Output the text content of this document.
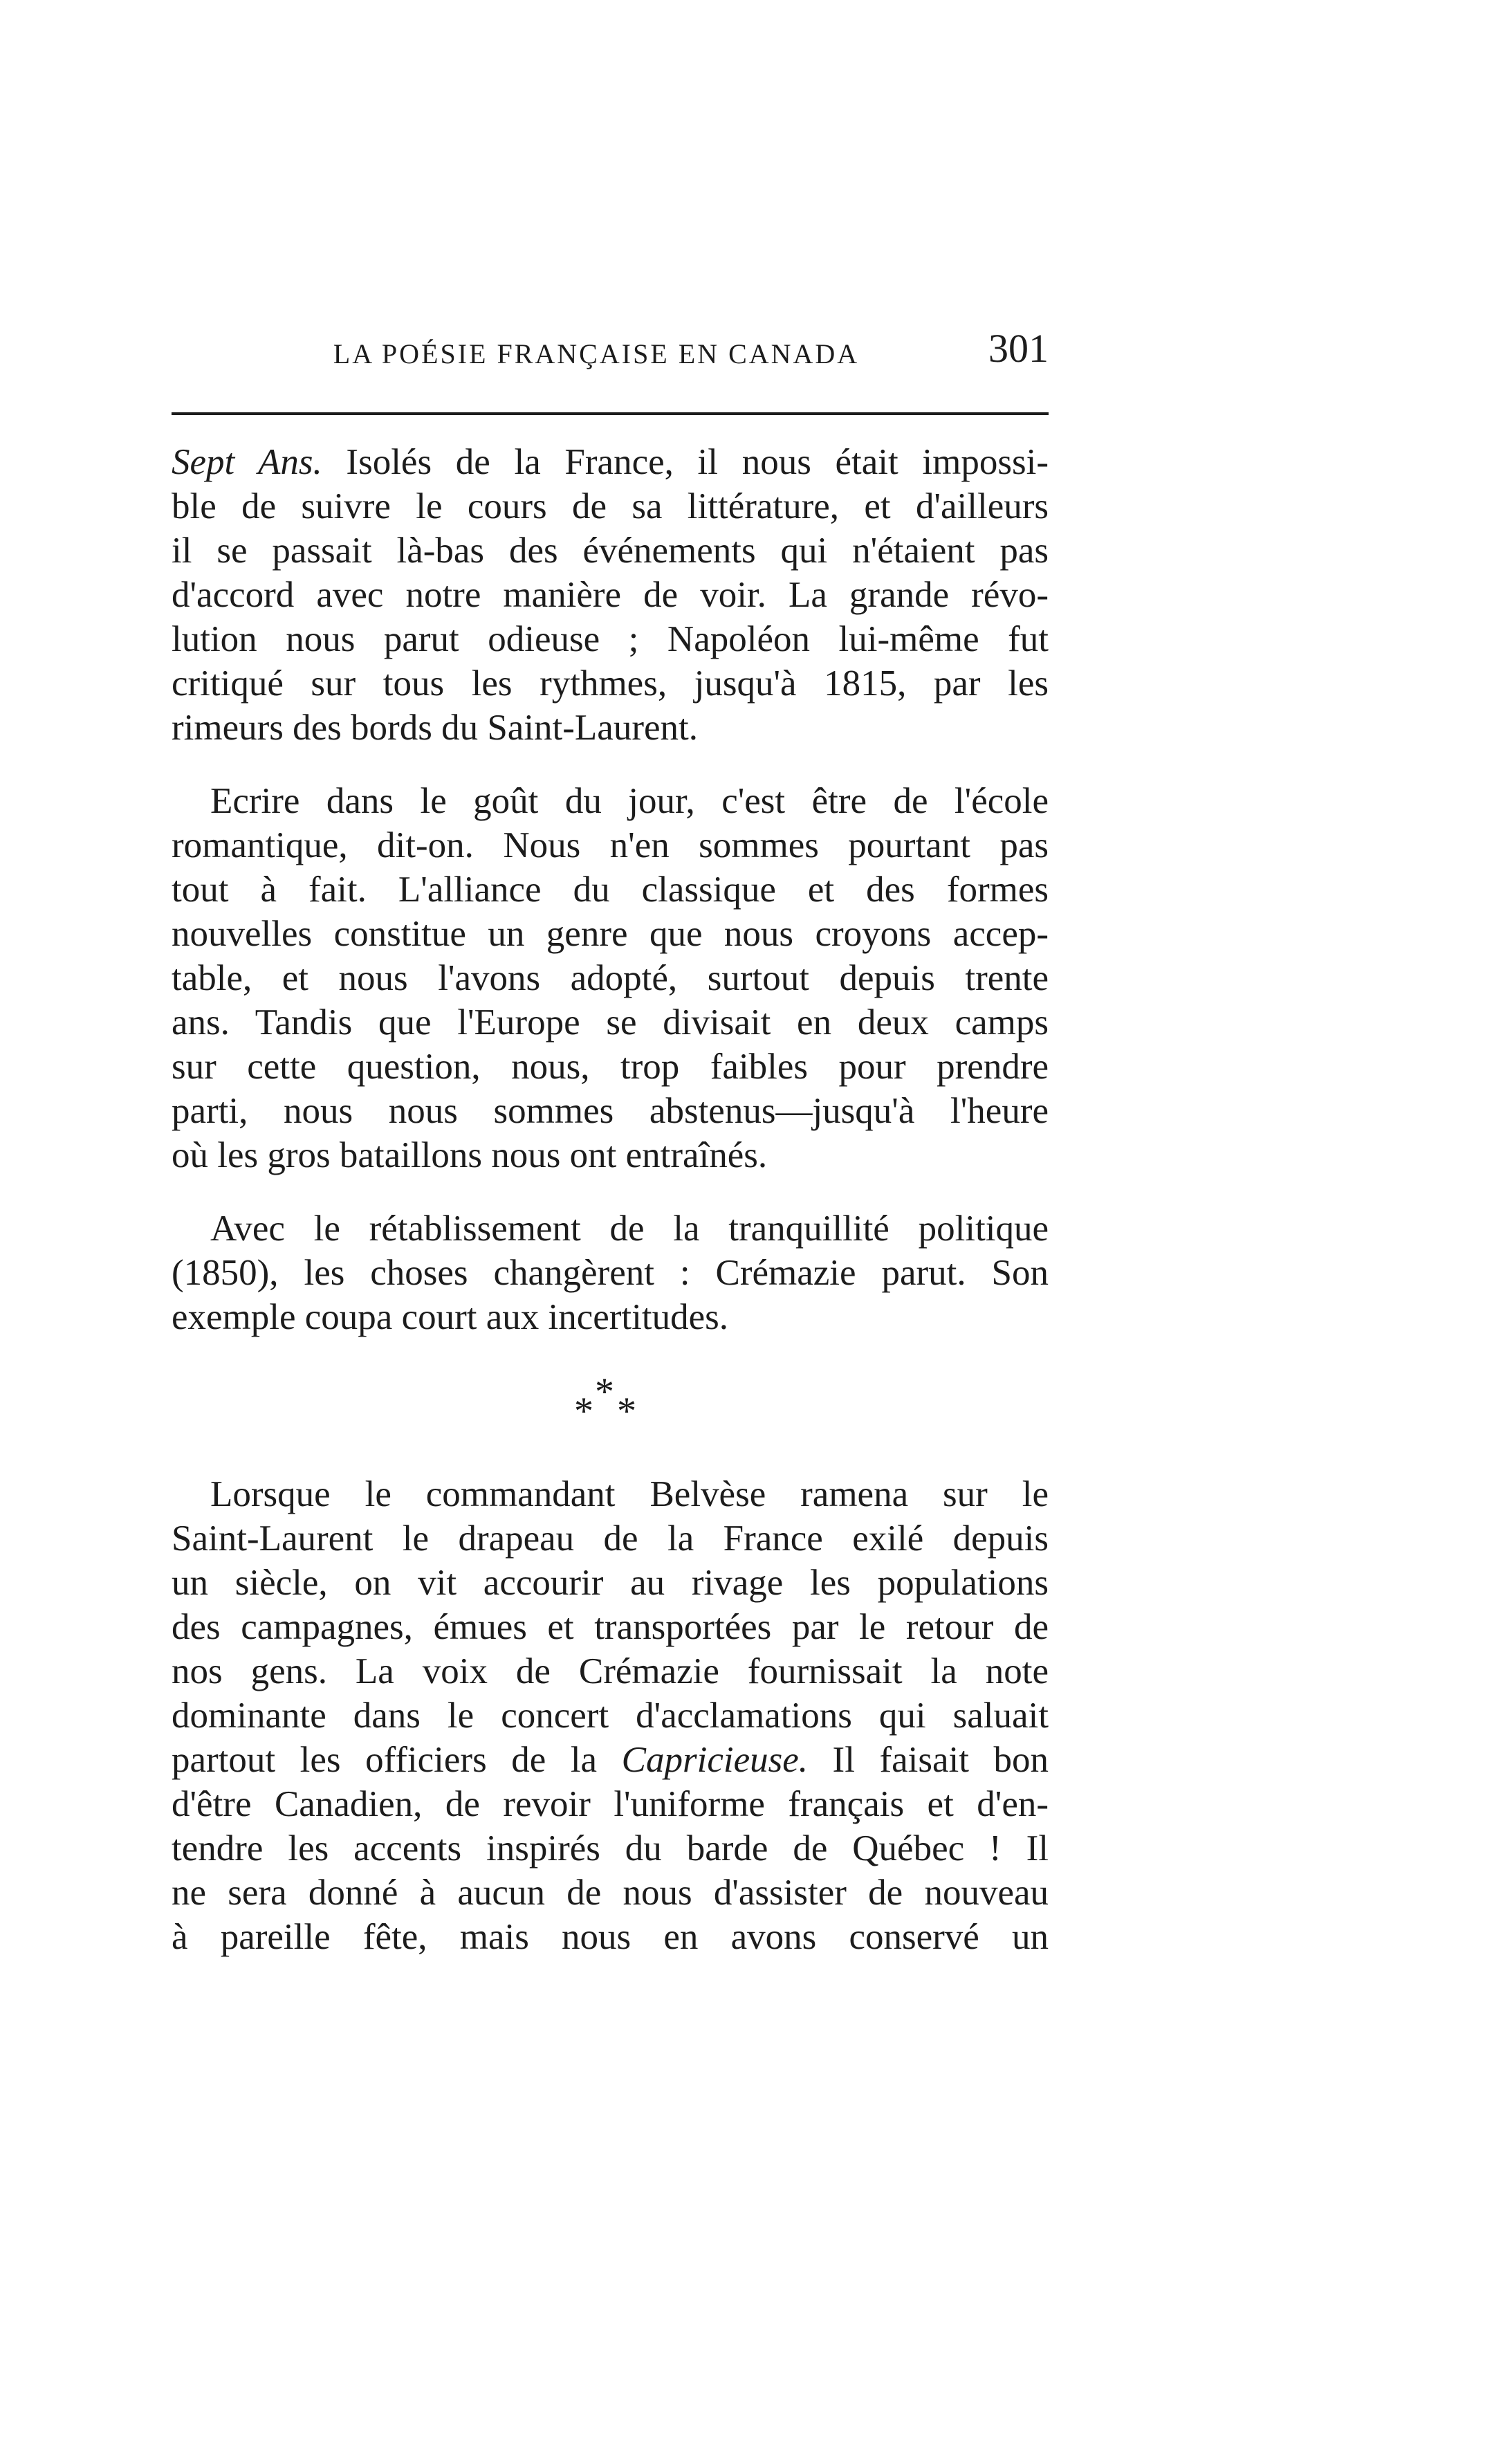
LA POÉSIE FRANÇAISE EN CANADA	301

Sept Ans. Isolés de la France, il nous était impossi-
ble de suivre le cours de sa littérature, et d'ailleurs
il se passait là-bas des événements qui n'étaient pas
d'accord avec notre manière de voir. La grande révo-
lution nous parut odieuse ; Napoléon lui-même fut
critiqué sur tous les rythmes, jusqu'à 1815, par les
rimeurs des bords du Saint-Laurent.

Ecrire dans le goût du jour, c'est être de l'école
romantique, dit-on. Nous n'en sommes pourtant pas
tout à fait. L'alliance du classique et des formes
nouvelles constitue un genre que nous croyons accep-
table, et nous l'avons adopté, surtout depuis trente
ans. Tandis que l'Europe se divisait en deux camps
sur cette question, nous, trop faibles pour prendre
parti, nous nous sommes abstenus—jusqu'à l'heure
où les gros bataillons nous ont entraînés.

Avec le rétablissement de la tranquillité politique
(1850), les choses changèrent : Crémazie parut. Son
exemple coupa court aux incertitudes.

*
* *

Lorsque le commandant Belvèse ramena sur le
Saint-Laurent le drapeau de la France exilé depuis
un siècle, on vit accourir au rivage les populations
des campagnes, émues et transportées par le retour de
nos gens. La voix de Crémazie fournissait la note
dominante dans le concert d'acclamations qui saluait
partout les officiers de la Capricieuse. Il faisait bon
d'être Canadien, de revoir l'uniforme français et d'en-
tendre les accents inspirés du barde de Québec ! Il
ne sera donné à aucun de nous d'assister de nouveau
à pareille fête, mais nous en avons conservé un
